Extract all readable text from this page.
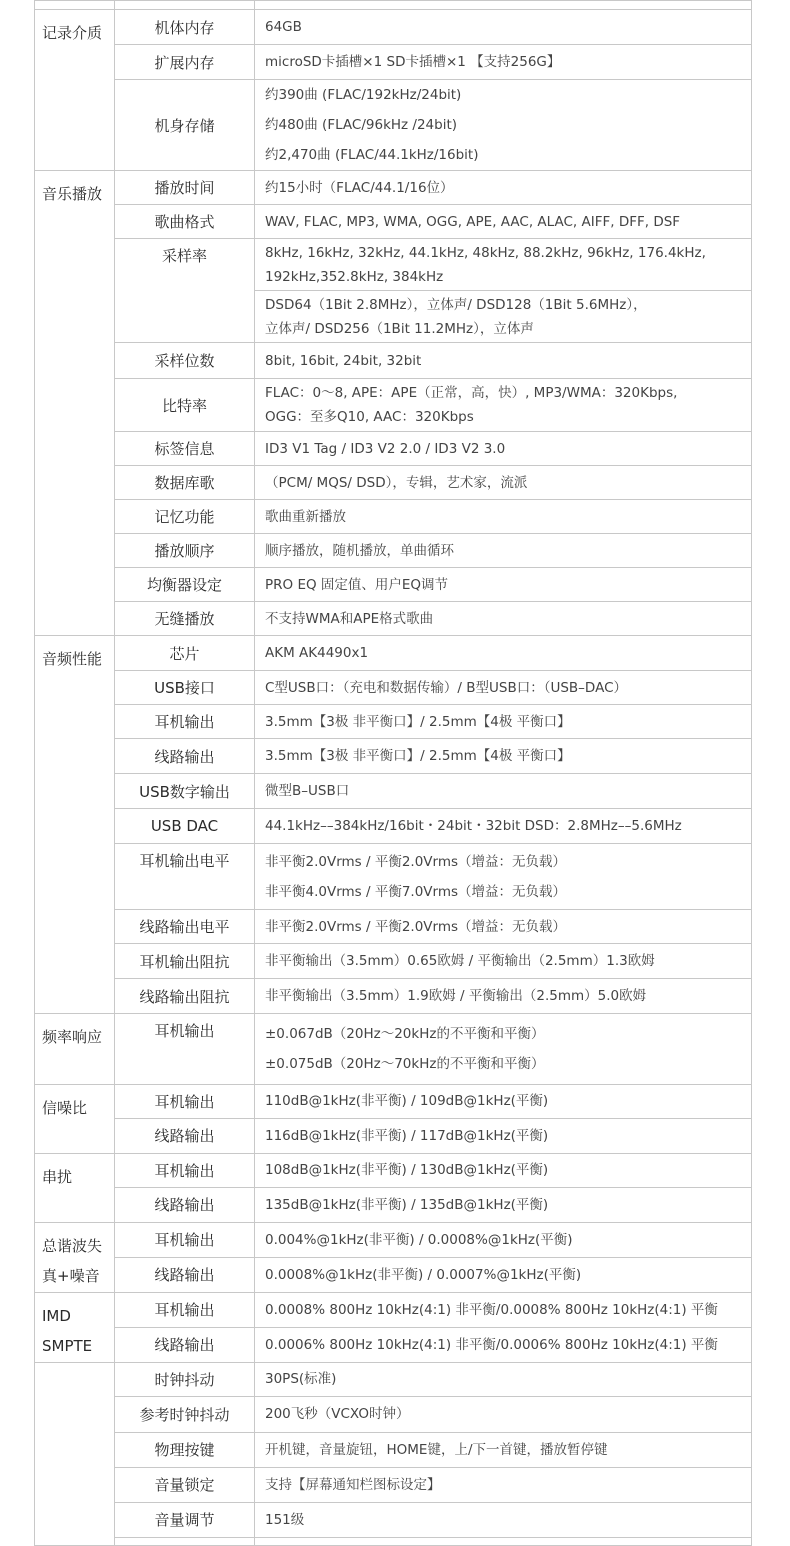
记录介质	机体内存	64GB

	扩展内存	microSD卡插槽×1 SD卡插槽×1 【支持256G】

	机身存储	约390曲 (FLAC/192kHz/24bit)
约480曲 (FLAC/96kHz /24bit)
约2,470曲 (FLAC/44.1kHz/16bit)

音乐播放	播放时间	约15小时（FLAC/44.1/16位）

	歌曲格式	WAV, FLAC, MP3, WMA, OGG, APE, AAC, ALAC, AIFF, DFF, DSF

	采样率	8kHz, 16kHz, 32kHz, 44.1kHz, 48kHz, 88.2kHz, 96kHz, 176.4kHz,
192kHz,352.8kHz, 384kHz

		DSD64（1Bit 2.8MHz），立体声/ DSD128（1Bit 5.6MHz），
立体声/ DSD256（1Bit 11.2MHz），立体声

	采样位数	8bit, 16bit, 24bit, 32bit

	比特率	FLAC：0～8, APE：APE（正常，高，快）, MP3/WMA：320Kbps,
OGG：至多Q10, AAC：320Kbps

	标签信息	ID3 V1 Tag / ID3 V2 2.0 / ID3 V2 3.0

	数据库歌	（PCM/ MQS/ DSD），专辑，艺术家，流派

	记忆功能	歌曲重新播放

	播放顺序	顺序播放，随机播放，单曲循环

	均衡器设定	PRO EQ 固定值、用户EQ调节

	无缝播放	不支持WMA和APE格式歌曲

音频性能	芯片	AKM AK4490x1

	USB接口	C型USB口：（充电和数据传输）/ B型USB口：（USB–DAC）

	耳机输出	3.5mm【3极 非平衡口】/ 2.5mm【4极 平衡口】

	线路输出	3.5mm【3极 非平衡口】/ 2.5mm【4极 平衡口】

	USB数字输出	微型B–USB口

	USB DAC	44.1kHz––384kHz/16bit・24bit・32bit DSD：2.8MHz––5.6MHz

	耳机输出电平	非平衡2.0Vrms / 平衡2.0Vrms（增益：无负载）
非平衡4.0Vrms / 平衡7.0Vrms（增益：无负载）

	线路输出电平	非平衡2.0Vrms / 平衡2.0Vrms（增益：无负载）

	耳机输出阻抗	非平衡输出（3.5mm）0.65欧姆 / 平衡输出（2.5mm）1.3欧姆

	线路输出阻抗	非平衡输出（3.5mm）1.9欧姆 / 平衡输出（2.5mm）5.0欧姆

频率响应	耳机输出	±0.067dB（20Hz～20kHz的不平衡和平衡）
±0.075dB（20Hz～70kHz的不平衡和平衡）

信噪比	耳机输出	110dB@1kHz(非平衡) / 109dB@1kHz(平衡)

	线路输出	116dB@1kHz(非平衡) / 117dB@1kHz(平衡)

串扰	耳机输出	108dB@1kHz(非平衡) / 130dB@1kHz(平衡)

	线路输出	135dB@1kHz(非平衡) / 135dB@1kHz(平衡)

总谐波失
真+噪音	耳机输出	0.004%@1kHz(非平衡) / 0.0008%@1kHz(平衡)

	线路输出	0.0008%@1kHz(非平衡) / 0.0007%@1kHz(平衡)

IMD
SMPTE	耳机输出	0.0008% 800Hz 10kHz(4:1) 非平衡/0.0008% 800Hz 10kHz(4:1) 平衡

	线路输出	0.0006% 800Hz 10kHz(4:1) 非平衡/0.0006% 800Hz 10kHz(4:1) 平衡

	时钟抖动	30PS(标准)

	参考时钟抖动	200飞秒（VCXO时钟）

	物理按键	开机键，音量旋钮，HOME键，上/下一首键，播放暂停键

	音量锁定	支持【屏幕通知栏图标设定】

	音量调节	151级
